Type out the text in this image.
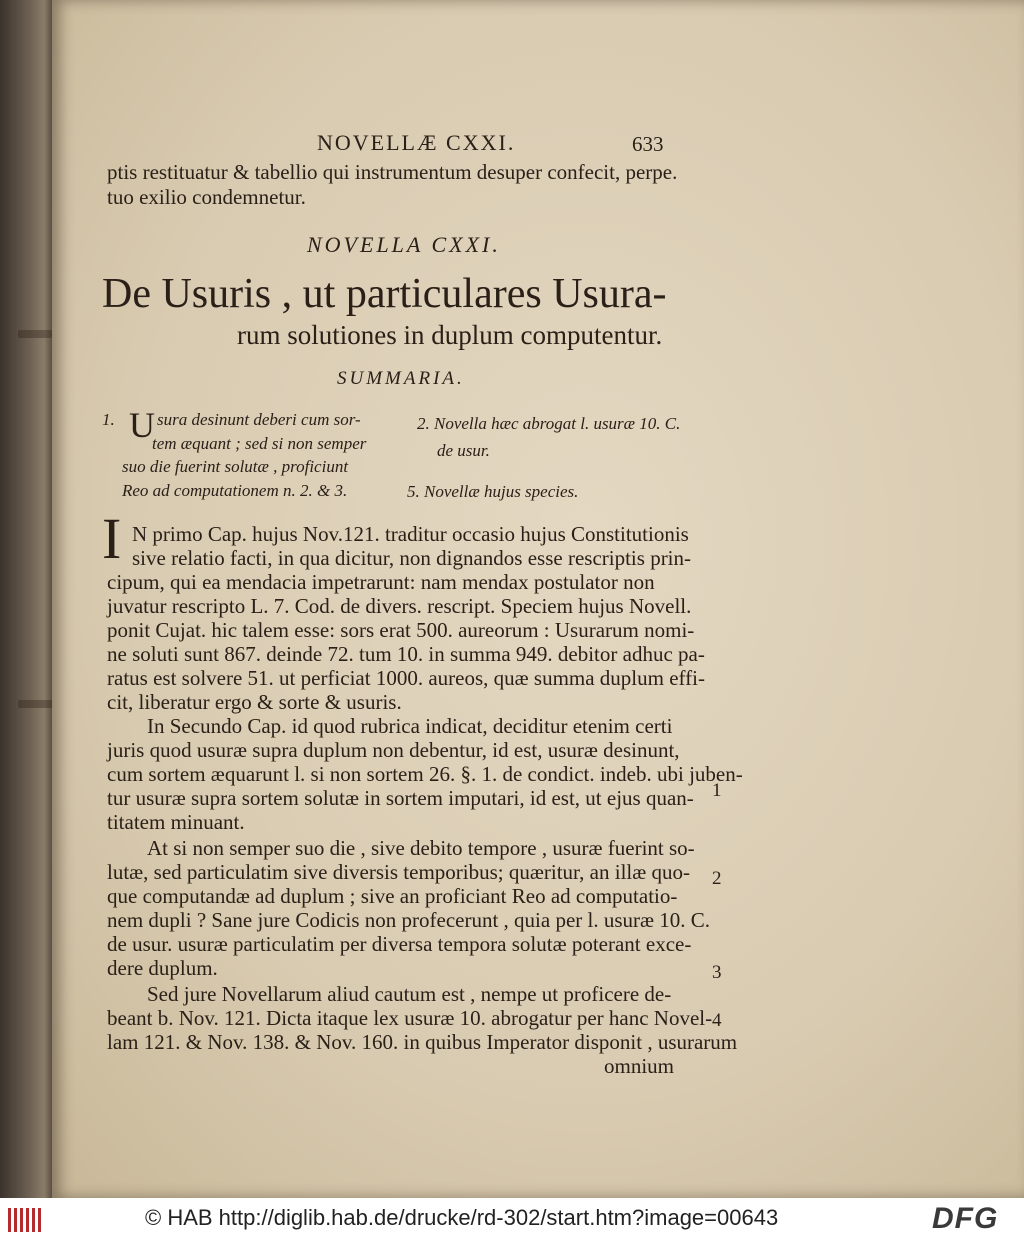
NOVELLÆ CXXI.	633
ptis restituatur & tabellio qui instrumentum desuper confecit, perpe.
tuo exilio condemnetur.
NOVELLA CXXI.
De Usuris , ut particulares Usura-
rum solutiones in duplum computentur.
SUMMARIA.
1. U sura desinunt deberi cum sor-
tem æquant ; sed si non semper
suo die fuerint solutæ , proficiunt
Reo ad computationem n. 2. & 3.
2. Novella hæc abrogat l. usuræ 10. C.
de usur.
5. Novellæ hujus species.
I N primo Cap. hujus Nov.121. traditur occasio hujus Constitutionis
sive relatio facti, in qua dicitur, non dignandos esse rescriptis prin-
cipum, qui ea mendacia impetrarunt: nam mendax postulator non
juvatur rescripto L. 7. Cod. de divers. rescript. Speciem hujus Novell.
ponit Cujat. hic talem esse: sors erat 500. aureorum : Usurarum nomi-
ne soluti sunt 867. deinde 72. tum 10. in summa 949. debitor adhuc pa-
ratus est solvere 51. ut perficiat 1000. aureos, quæ summa duplum effi-
cit, liberatur ergo & sorte & usuris.
In Secundo Cap. id quod rubrica indicat, deciditur etenim certi
juris quod usuræ supra duplum non debentur, id est, usuræ desinunt,
cum sortem æquarunt l. si non sortem 26. §. 1. de condict. indeb. ubi juben-
tur usuræ supra sortem solutæ in sortem imputari, id est, ut ejus quan-
titatem minuant.
At si non semper suo die , sive debito tempore , usuræ fuerint so-
lutæ, sed particulatim sive diversis temporibus; quæritur, an illæ quo-
que computandæ ad duplum ; sive an proficiant Reo ad computatio-
nem dupli ? Sane jure Codicis non profecerunt , quia per l. usuræ 10. C.
de usur. usuræ particulatim per diversa tempora solutæ poterant exce-
dere duplum.
Sed jure Novellarum aliud cautum est , nempe ut proficere de-
beant b. Nov. 121. Dicta itaque lex usuræ 10. abrogatur per hanc Novel-
lam 121. & Nov. 138. & Nov. 160. in quibus Imperator disponit , usurarum
omnium
1
2
3
4
© HAB http://diglib.hab.de/drucke/rd-302/start.htm?image=00643	DFG
